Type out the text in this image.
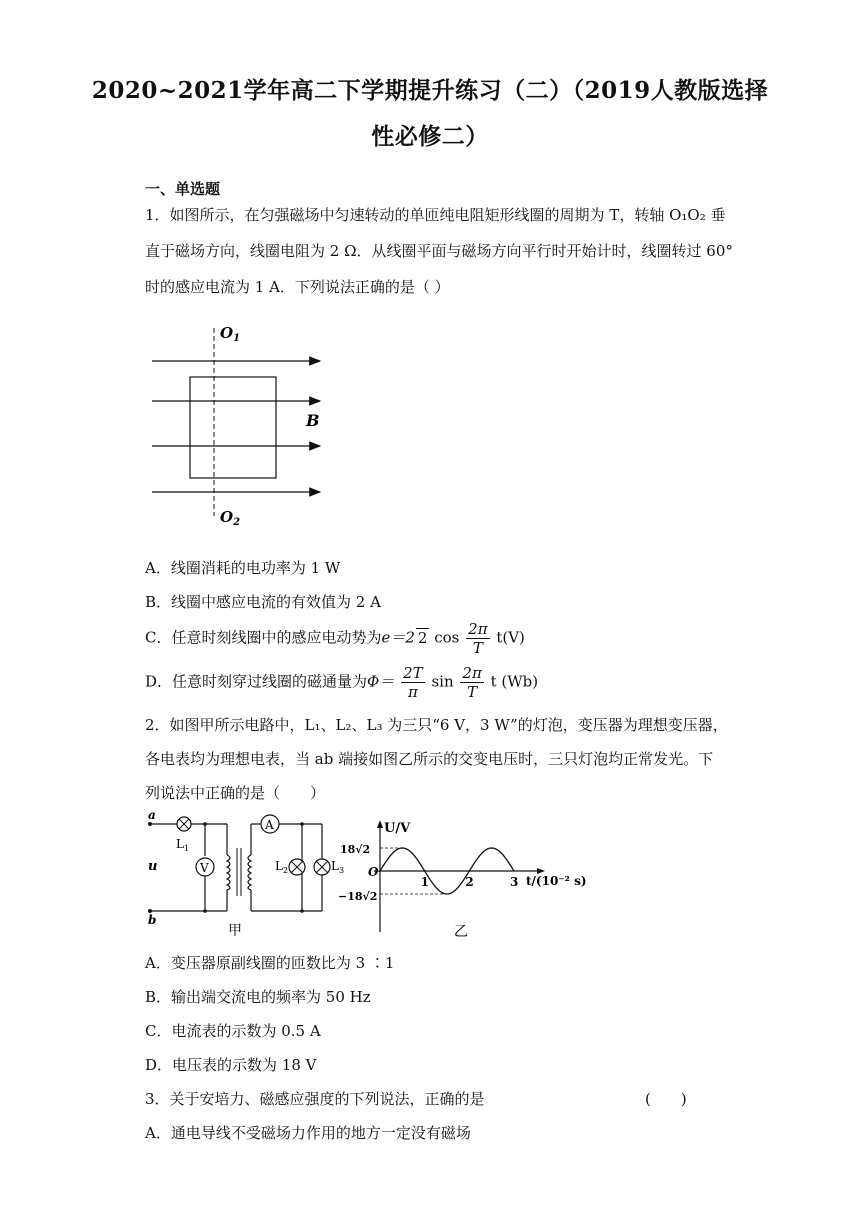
2020~2021学年高二下学期提升练习（二）（2019人教版选择
性必修二）
一、单选题
1．如图所示，在匀强磁场中匀速转动的单匝纯电阻矩形线圈的周期为 T，转轴 O₁O₂ 垂
直于磁场方向，线圈电阻为 2 Ω．从线圈平面与磁场方向平行时开始计时，线圈转过 60°
时的感应电流为 1 A．下列说法正确的是（ ）
$O_1$
$O_2$
B
A．线圈消耗的电功率为 1 W
B．线圈中感应电流的有效值为 2 A
C．任意时刻线圈中的感应电动势为e＝2 2 $\cos \frac{2\pi}{T} t(V)$
D．任意时刻穿过线圈的磁通量为$\Phi= \frac{2T}{\pi}$ $\sin \frac{2\pi}{T}$ t (Wb)
2．如图甲所示电路中，L₁、L₂、L₃ 为三只“6 V，3 W”的灯泡，变压器为理想变压器，
各电表均为理想电表，当 ab 端接如图乙所示的交变电压时，三只灯泡均正常发光。下
列说法中正确的是（　　）
a
b
u
$L_1$
V
A
$L_2$	$L_3$
甲
U/V
18√2
−18√2
O
t/(10⁻² s)
乙
1	2	3
A．变压器原副线圈的匝数比为 3 ∶1
B．输出端交流电的频率为 50 Hz
C．电流表的示数为 0.5 A
D．电压表的示数为 18 V
3．关于安培力、磁感应强度的下列说法，正确的是	(　　)
A．通电导线不受磁场力作用的地方一定没有磁场
